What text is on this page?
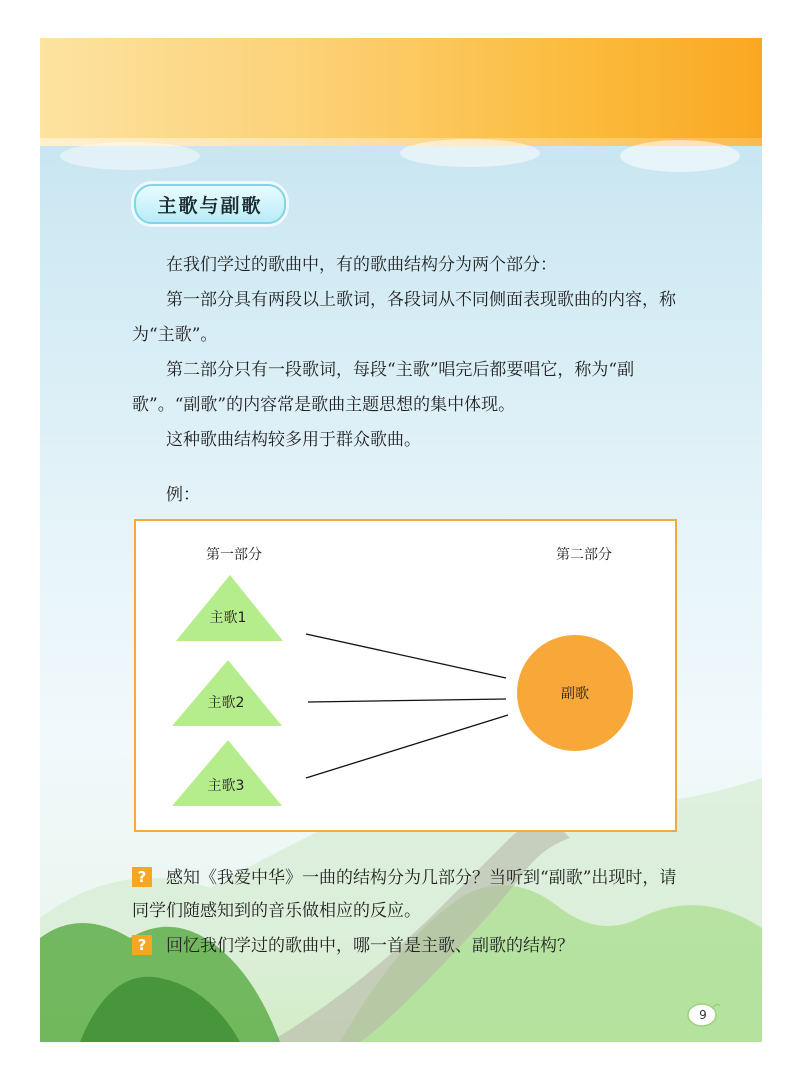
主歌与副歌

在我们学过的歌曲中，有的歌曲结构分为两个部分：

第一部分具有两段以上歌词，各段词从不同侧面表现歌曲的内容，称为“主歌”。

第二部分只有一段歌词，每段“主歌”唱完后都要唱它，称为“副歌”。“副歌”的内容常是歌曲主题思想的集中体现。

这种歌曲结构较多用于群众歌曲。

例：

第一部分	第二部分
主歌1
主歌2
主歌3
副歌
? 感知《我爱中华》一曲的结构分为几部分？当听到“副歌”出现时，请同学们随感知到的音乐做相应的反应。
? 回忆我们学过的歌曲中，哪一首是主歌、副歌的结构？
9
